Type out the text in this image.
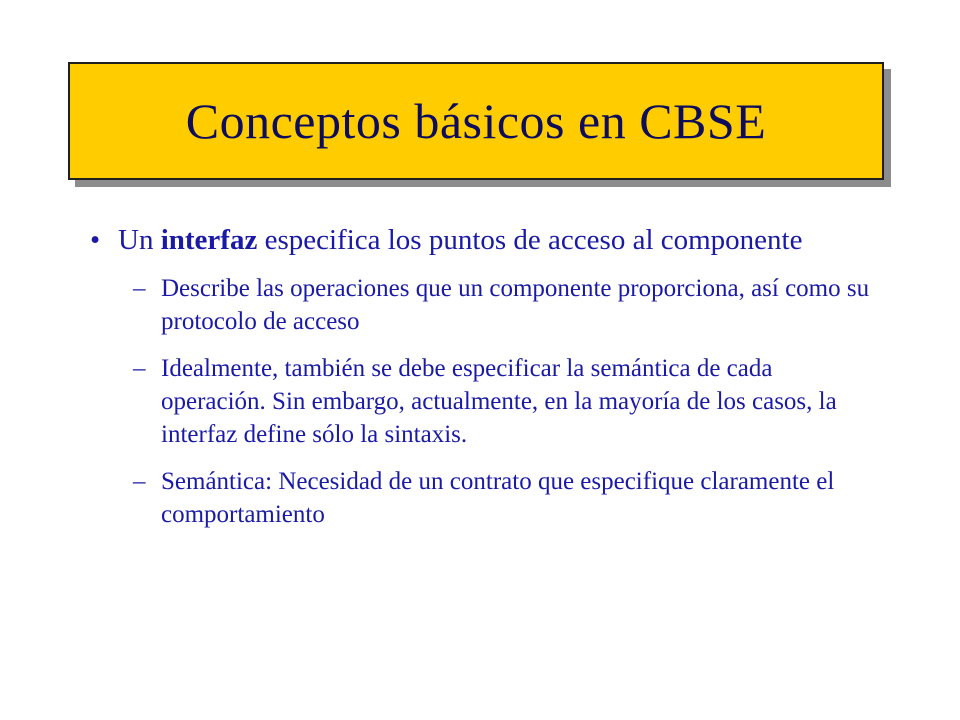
Conceptos básicos en CBSE
• Un interfaz especifica los puntos de acceso al componente
– Describe las operaciones que un componente proporciona, así como su protocolo de acceso
– Idealmente, también se debe especificar la semántica de cada operación. Sin embargo, actualmente, en la mayoría de los casos, la interfaz define sólo la sintaxis.
– Semántica: Necesidad de un contrato que especifique claramente el comportamiento
